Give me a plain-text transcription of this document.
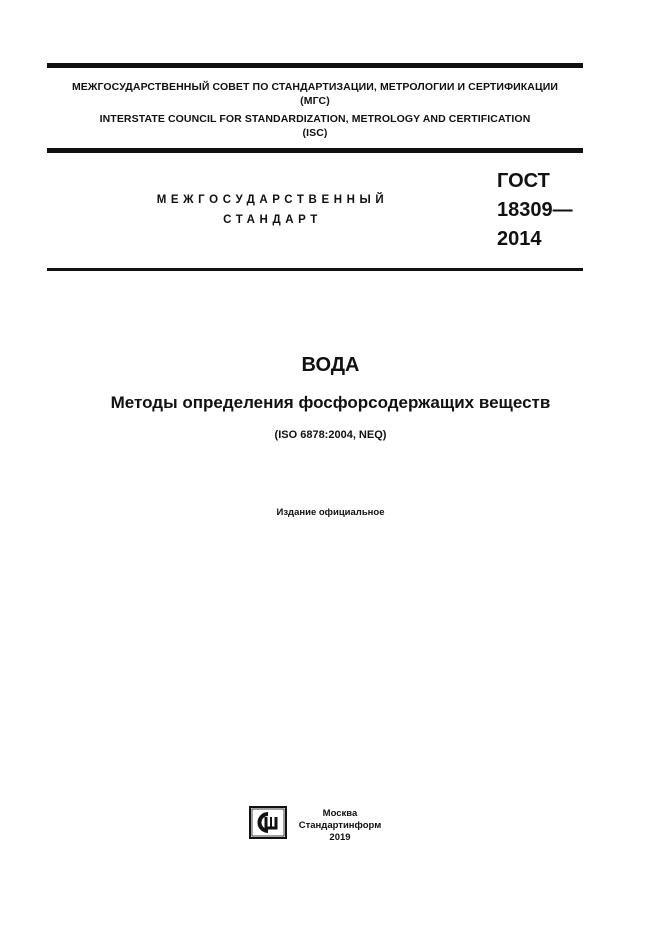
МЕЖГОСУДАРСТВЕННЫЙ СОВЕТ ПО СТАНДАРТИЗАЦИИ, МЕТРОЛОГИИ И СЕРТИФИКАЦИИ
(МГС)
INTERSTATE COUNCIL FOR STANDARDIZATION, METROLOGY AND CERTIFICATION
(ISC)
МЕЖГОСУДАРСТВЕННЫЙ
СТАНДАРТ
ГОСТ
18309—
2014
ВОДА
Методы определения фосфорсодержащих веществ
(ISO 6878:2004, NEQ)
Издание официальное
Москва
Стандартинформ
2019
